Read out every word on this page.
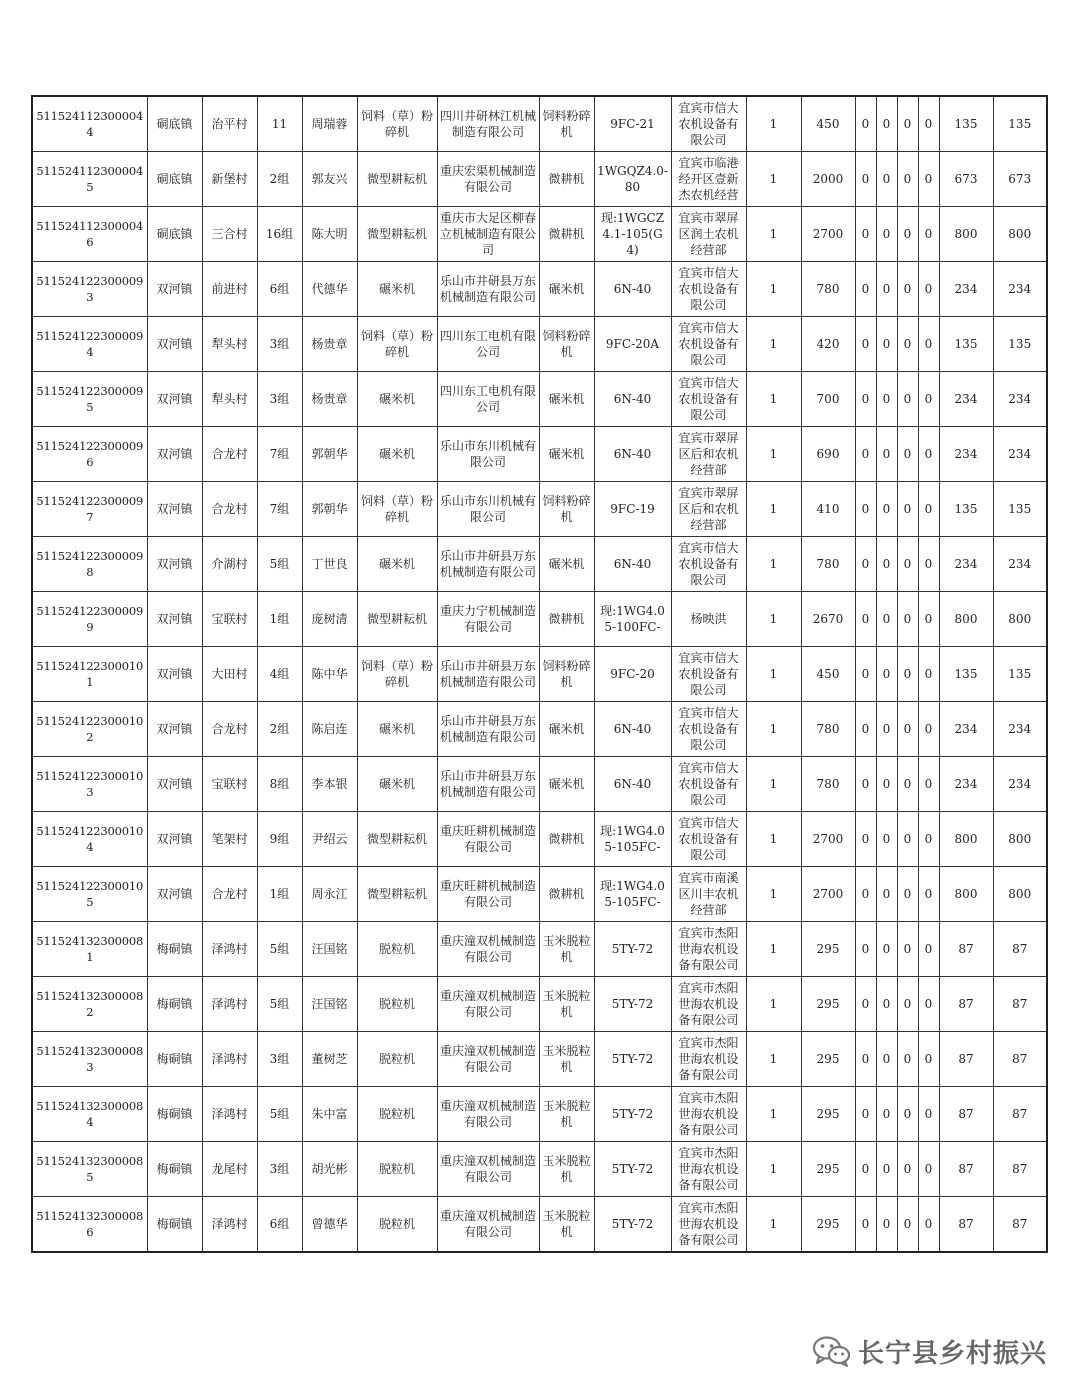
5115241123000044	硐底镇	治平村	11	周瑞蓉	饲料（草）粉碎机	四川井研林江机械制造有限公司	饲料粉碎机	9FC-21	宜宾市信大农机设备有限公司	1	450	0	0	0	0	135	135
5115241123000045	硐底镇	新堡村	2组	郭友兴	微型耕耘机	重庆宏渠机械制造有限公司	微耕机	1WGQZ4.0-80	宜宾市临港经开区壹新杰农机经营	1	2000	0	0	0	0	673	673
5115241123000046	硐底镇	三合村	16组	陈大明	微型耕耘机	重庆市大足区柳春立机械制造有限公司	微耕机	现:1WGCZ4.1-105(G4)	宜宾市翠屏区润土农机经营部	1	2700	0	0	0	0	800	800
5115241223000093	双河镇	前进村	6组	代德华	碾米机	乐山市井研县万东机械制造有限公司	碾米机	6N-40	宜宾市信大农机设备有限公司	1	780	0	0	0	0	234	234
5115241223000094	双河镇	犁头村	3组	杨贵章	饲料（草）粉碎机	四川东工电机有限公司	饲料粉碎机	9FC-20A	宜宾市信大农机设备有限公司	1	420	0	0	0	0	135	135
5115241223000095	双河镇	犁头村	3组	杨贵章	碾米机	四川东工电机有限公司	碾米机	6N-40	宜宾市信大农机设备有限公司	1	700	0	0	0	0	234	234
5115241223000096	双河镇	合龙村	7组	郭朝华	碾米机	乐山市东川机械有限公司	碾米机	6N-40	宜宾市翠屏区后和农机经营部	1	690	0	0	0	0	234	234
5115241223000097	双河镇	合龙村	7组	郭朝华	饲料（草）粉碎机	乐山市东川机械有限公司	饲料粉碎机	9FC-19	宜宾市翠屏区后和农机经营部	1	410	0	0	0	0	135	135
5115241223000098	双河镇	介湖村	5组	丁世良	碾米机	乐山市井研县万东机械制造有限公司	碾米机	6N-40	宜宾市信大农机设备有限公司	1	780	0	0	0	0	234	234
5115241223000099	双河镇	宝联村	1组	庞树清	微型耕耘机	重庆力宁机械制造有限公司	微耕机	现:1WG4.05-100FC-	杨映洪	1	2670	0	0	0	0	800	800
5115241223000101	双河镇	大田村	4组	陈中华	饲料（草）粉碎机	乐山市井研县万东机械制造有限公司	饲料粉碎机	9FC-20	宜宾市信大农机设备有限公司	1	450	0	0	0	0	135	135
5115241223000102	双河镇	合龙村	2组	陈启连	碾米机	乐山市井研县万东机械制造有限公司	碾米机	6N-40	宜宾市信大农机设备有限公司	1	780	0	0	0	0	234	234
5115241223000103	双河镇	宝联村	8组	李本银	碾米机	乐山市井研县万东机械制造有限公司	碾米机	6N-40	宜宾市信大农机设备有限公司	1	780	0	0	0	0	234	234
5115241223000104	双河镇	笔架村	9组	尹绍云	微型耕耘机	重庆旺耕机械制造有限公司	微耕机	现:1WG4.05-105FC-	宜宾市信大农机设备有限公司	1	2700	0	0	0	0	800	800
5115241223000105	双河镇	合龙村	1组	周永江	微型耕耘机	重庆旺耕机械制造有限公司	微耕机	现:1WG4.05-105FC-	宜宾市南溪区川丰农机经营部	1	2700	0	0	0	0	800	800
5115241323000081	梅硐镇	泽鸿村	5组	汪国铭	脱粒机	重庆潼双机械制造有限公司	玉米脱粒机	5TY-72	宜宾市杰阳世海农机设备有限公司	1	295	0	0	0	0	87	87
5115241323000082	梅硐镇	泽鸿村	5组	汪国铭	脱粒机	重庆潼双机械制造有限公司	玉米脱粒机	5TY-72	宜宾市杰阳世海农机设备有限公司	1	295	0	0	0	0	87	87
5115241323000083	梅硐镇	泽鸿村	3组	董树芝	脱粒机	重庆潼双机械制造有限公司	玉米脱粒机	5TY-72	宜宾市杰阳世海农机设备有限公司	1	295	0	0	0	0	87	87
5115241323000084	梅硐镇	泽鸿村	5组	朱中富	脱粒机	重庆潼双机械制造有限公司	玉米脱粒机	5TY-72	宜宾市杰阳世海农机设备有限公司	1	295	0	0	0	0	87	87
5115241323000085	梅硐镇	龙尾村	3组	胡光彬	脱粒机	重庆潼双机械制造有限公司	玉米脱粒机	5TY-72	宜宾市杰阳世海农机设备有限公司	1	295	0	0	0	0	87	87
5115241323000086	梅硐镇	泽鸿村	6组	曾德华	脱粒机	重庆潼双机械制造有限公司	玉米脱粒机	5TY-72	宜宾市杰阳世海农机设备有限公司	1	295	0	0	0	0	87	87
长宁县乡村振兴
